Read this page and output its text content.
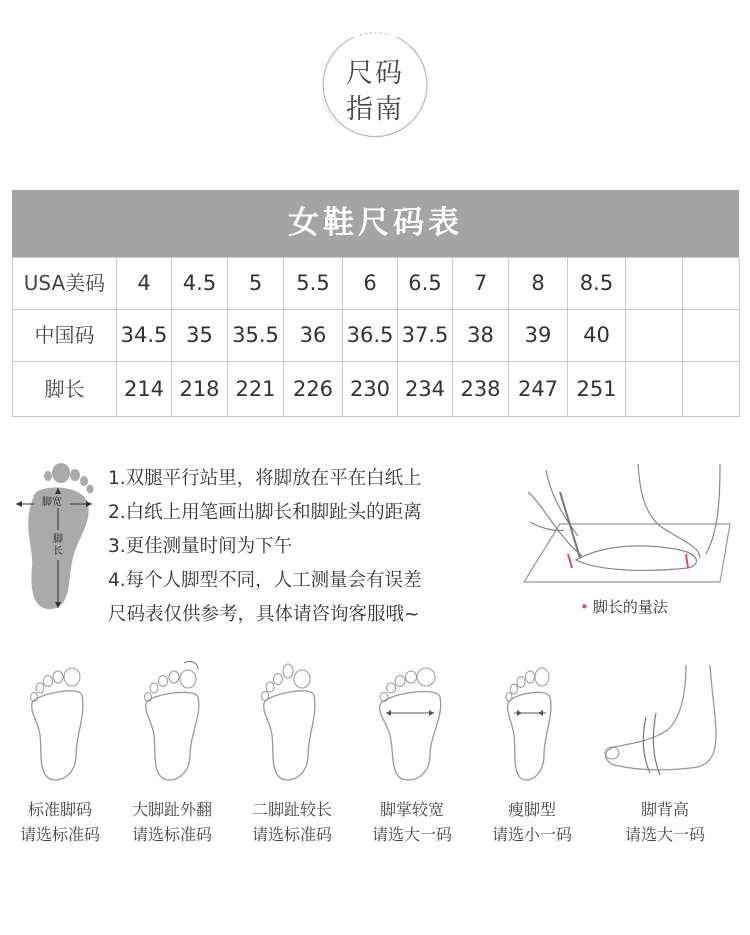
尺码
指南
女鞋尺码表
USA美码	4	4.5	5	5.5	6	6.5	7	8	8.5		
中国码	34.5	35	35.5	36	36.5	37.5	38	39	40		
脚长	214	218	221	226	230	234	238	247	251		
脚宽
脚长
1.双腿平行站里，将脚放在平在白纸上
2.白纸上用笔画出脚长和脚趾头的距离
3.更佳测量时间为下午
4.每个人脚型不同，人工测量会有误差
尺码表仅供参考，具体请咨询客服哦~	• 脚长的量法
标准脚码
请选标准码
大脚趾外翻
请选标准码
二脚趾较长
请选标准码
脚掌较宽
请选大一码
瘦脚型
请选小一码
脚背高
请选大一码
